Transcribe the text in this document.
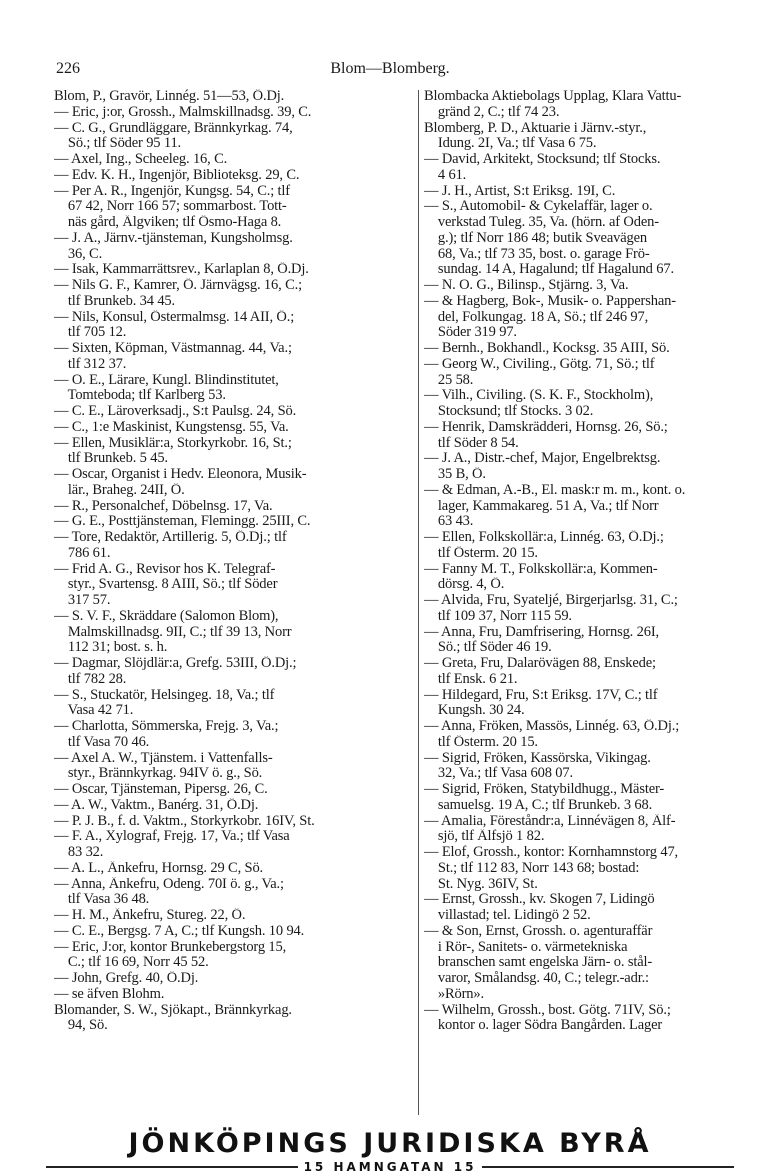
226	Blom—Blomberg.
Blom, P., Gravör, Linnég. 51—53, Ö.Dj.
— Eric, j:or, Grossh., Malmskillnadsg. 39, C.
— C. G., Grundläggare, Brännkyrkag. 74,
Sö.; tlf Söder 95 11.
— Axel, Ing., Scheeleg. 16, C.
— Edv. K. H., Ingenjör, Biblioteksg. 29, C.
— Per A. R., Ingenjör, Kungsg. 54, C.; tlf
67 42, Norr 166 57; sommarbost. Tott-
näs gård, Älgviken; tlf Ösmo-Haga 8.
— J. A., Järnv.-tjänsteman, Kungsholmsg.
36, C.
— Isak, Kammarrättsrev., Karlaplan 8, Ö.Dj.
— Nils G. F., Kamrer, Ö. Järnvägsg. 16, C.;
tlf Brunkeb. 34 45.
— Nils, Konsul, Östermalmsg. 14 AII, Ö.;
tlf 705 12.
— Sixten, Köpman, Västmannag. 44, Va.;
tlf 312 37.
— O. E., Lärare, Kungl. Blindinstitutet,
Tomteboda; tlf Karlberg 53.
— C. E., Läroverksadj., S:t Paulsg. 24, Sö.
— C., 1:e Maskinist, Kungstensg. 55, Va.
— Ellen, Musiklär:a, Storkyrkobr. 16, St.;
tlf Brunkeb. 5 45.
— Oscar, Organist i Hedv. Eleonora, Musik-
lär., Braheg. 24II, Ö.
— R., Personalchef, Döbelnsg. 17, Va.
— G. E., Posttjänsteman, Flemingg. 25III, C.
— Tore, Redaktör, Artillerig. 5, Ö.Dj.; tlf
786 61.
— Frid A. G., Revisor hos K. Telegraf-
styr., Svartensg. 8 AIII, Sö.; tlf Söder
317 57.
— S. V. F., Skräddare (Salomon Blom),
Malmskillnadsg. 9II, C.; tlf 39 13, Norr
112 31; bost. s. h.
— Dagmar, Slöjdlär:a, Grefg. 53III, Ö.Dj.;
tlf 782 28.
— S., Stuckatör, Helsingeg. 18, Va.; tlf
Vasa 42 71.
— Charlotta, Sömmerska, Frejg. 3, Va.;
tlf Vasa 70 46.
— Axel A. W., Tjänstem. i Vattenfalls-
styr., Brännkyrkag. 94IV ö. g., Sö.
— Oscar, Tjänsteman, Pipersg. 26, C.
— A. W., Vaktm., Banérg. 31, Ö.Dj.
— P. J. B., f. d. Vaktm., Storkyrkobr. 16IV, St.
— F. A., Xylograf, Frejg. 17, Va.; tlf Vasa
83 32.
— A. L., Änkefru, Hornsg. 29 C, Sö.
— Anna, Änkefru, Odeng. 70I ö. g., Va.;
tlf Vasa 36 48.
— H. M., Änkefru, Stureg. 22, Ö.
— C. E., Bergsg. 7 A, C.; tlf Kungsh. 10 94.
— Eric, J:or, kontor Brunkebergstorg 15,
C.; tlf 16 69, Norr 45 52.
— John, Grefg. 40, Ö.Dj.
— se äfven Blohm.
Blomander, S. W., Sjökapt., Brännkyrkag.
94, Sö.
Blombacka Aktiebolags Upplag, Klara Vattu-
gränd 2, C.; tlf 74 23.
Blomberg, P. D., Aktuarie i Järnv.-styr.,
Idung. 2I, Va.; tlf Vasa 6 75.
— David, Arkitekt, Stocksund; tlf Stocks.
4 61.
— J. H., Artist, S:t Eriksg. 19I, C.
— S., Automobil- & Cykelaffär, lager o.
verkstad Tuleg. 35, Va. (hörn. af Oden-
g.); tlf Norr 186 48; butik Sveavägen
68, Va.; tlf 73 35, bost. o. garage Frö-
sundag. 14 A, Hagalund; tlf Hagalund 67.
— N. O. G., Bilinsp., Stjärng. 3, Va.
— & Hagberg, Bok-, Musik- o. Pappershan-
del, Folkungag. 18 A, Sö.; tlf 246 97,
Söder 319 97.
— Bernh., Bokhandl., Kocksg. 35 AIII, Sö.
— Georg W., Civiling., Götg. 71, Sö.; tlf
25 58.
— Vilh., Civiling. (S. K. F., Stockholm),
Stocksund; tlf Stocks. 3 02.
— Henrik, Damskrädderi, Hornsg. 26, Sö.;
tlf Söder 8 54.
— J. A., Distr.-chef, Major, Engelbrektsg.
35 B, Ö.
— & Edman, A.-B., El. mask:r m. m., kont. o.
lager, Kammakareg. 51 A, Va.; tlf Norr
63 43.
— Ellen, Folkskollär:a, Linnég. 63, Ö.Dj.;
tlf Österm. 20 15.
— Fanny M. T., Folkskollär:a, Kommen-
dörsg. 4, Ö.
— Alvida, Fru, Syatelјé, Birgerjarlsg. 31, C.;
tlf 109 37, Norr 115 59.
— Anna, Fru, Damfrisering, Hornsg. 26I,
Sö.; tlf Söder 46 19.
— Greta, Fru, Dalarövägen 88, Enskede;
tlf Ensk. 6 21.
— Hildegard, Fru, S:t Eriksg. 17V, C.; tlf
Kungsh. 30 24.
— Anna, Fröken, Massös, Linnég. 63, Ö.Dj.;
tlf Österm. 20 15.
— Sigrid, Fröken, Kassörska, Vikingag.
32, Va.; tlf Vasa 608 07.
— Sigrid, Fröken, Statybildhugg., Mäster-
samuelsg. 19 A, C.; tlf Brunkeb. 3 68.
— Amalia, Föreståndr:a, Linnévägen 8, Älf-
sjö, tlf Älfsjö 1 82.
— Elof, Grossh., kontor: Kornhamnstorg 47,
St.; tlf 112 83, Norr 143 68; bostad:
St. Nyg. 36IV, St.
— Ernst, Grossh., kv. Skogen 7, Lidingö
villastad; tel. Lidingö 2 52.
— & Son, Ernst, Grossh. o. agenturaffär
i Rör-, Sanitets- o. värmetekniska
branschen samt engelska Järn- o. stål-
varor, Smålandsg. 40, C.; telegr.-adr.:
»Rörn».
— Wilhelm, Grossh., bost. Götg. 71IV, Sö.;
kontor o. lager Södra Bangården. Lager
JÖNKÖPINGS JURIDISKA BYRÅ
15 HAMNGATAN 15
